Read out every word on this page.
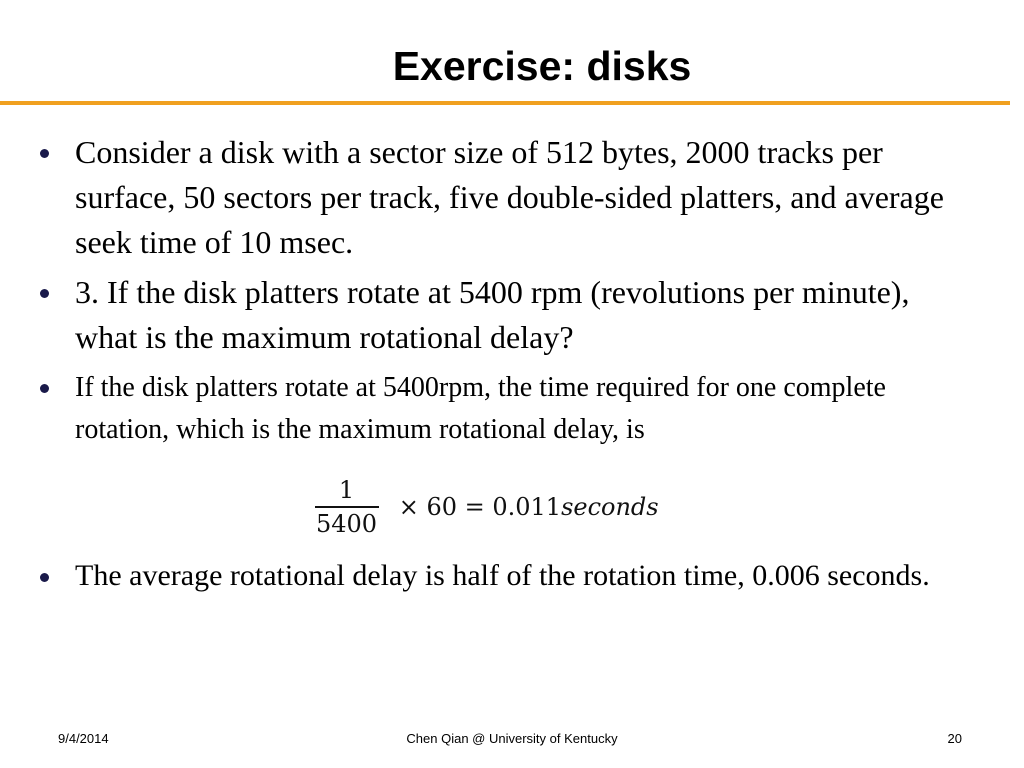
Exercise: disks
Consider a disk with a sector size of 512 bytes, 2000 tracks per surface, 50 sectors per track, five double-sided platters, and average seek time of 10 msec.
3. If the disk platters rotate at 5400 rpm (revolutions per minute), what is the maximum rotational delay?
If the disk platters rotate at 5400rpm, the time required for one complete rotation, which is the maximum rotational delay, is
$\frac{1}{5400} \times 60 = 0.011$ seconds
The average rotational delay is half of the rotation time, 0.006 seconds.
9/4/2014	Chen Qian @ University of Kentucky	20
